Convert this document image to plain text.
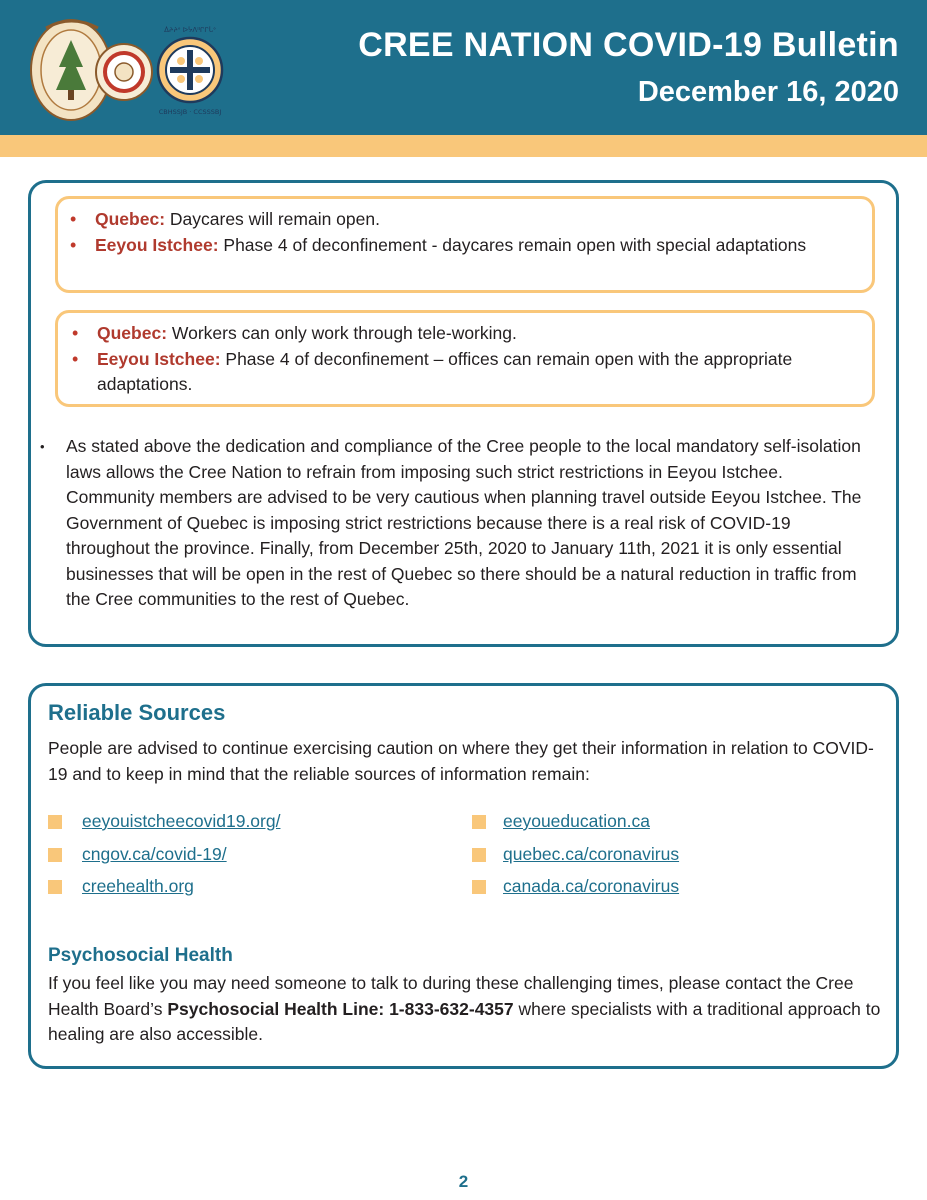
ᐄᔨᔨᐤ ᐅᔮᐱᐦᒋᒋᒑᐤ
CBHSSJB · CCSSSBJ
CREE NATION COVID-19 Bulletin
December 16, 2020
• Quebec: Daycares will remain open.
• Eeyou Istchee: Phase 4 of deconfinement - daycares remain open with special adaptations
• Quebec: Workers can only work through tele-working.
• Eeyou Istchee: Phase 4 of deconfinement – offices can remain open with the appropriate adaptations.
• As stated above the dedication and compliance of the Cree people to the local mandatory self-isolation laws allows the Cree Nation to refrain from imposing such strict restrictions in Eeyou Istchee. Community members are advised to be very cautious when planning travel outside Eeyou Istchee. The Government of Quebec is imposing strict restrictions because there is a real risk of COVID-19 throughout the province. Finally, from December 25th, 2020 to January 11th, 2021 it is only essential businesses that will be open in the rest of Quebec so there should be a natural reduction in traffic from the Cree communities to the rest of Quebec.
Reliable Sources
People are advised to continue exercising caution on where they get their information in relation to COVID-19 and to keep in mind that the reliable sources of information remain:
eeyouistcheecovid19.org/
cngov.ca/covid-19/
creehealth.org
eeyoueducation.ca
quebec.ca/coronavirus
canada.ca/coronavirus
Psychosocial Health
If you feel like you may need someone to talk to during these challenging times, please contact the Cree Health Board’s Psychosocial Health Line: 1-833-632-4357 where specialists with a traditional approach to healing are also accessible.
2
